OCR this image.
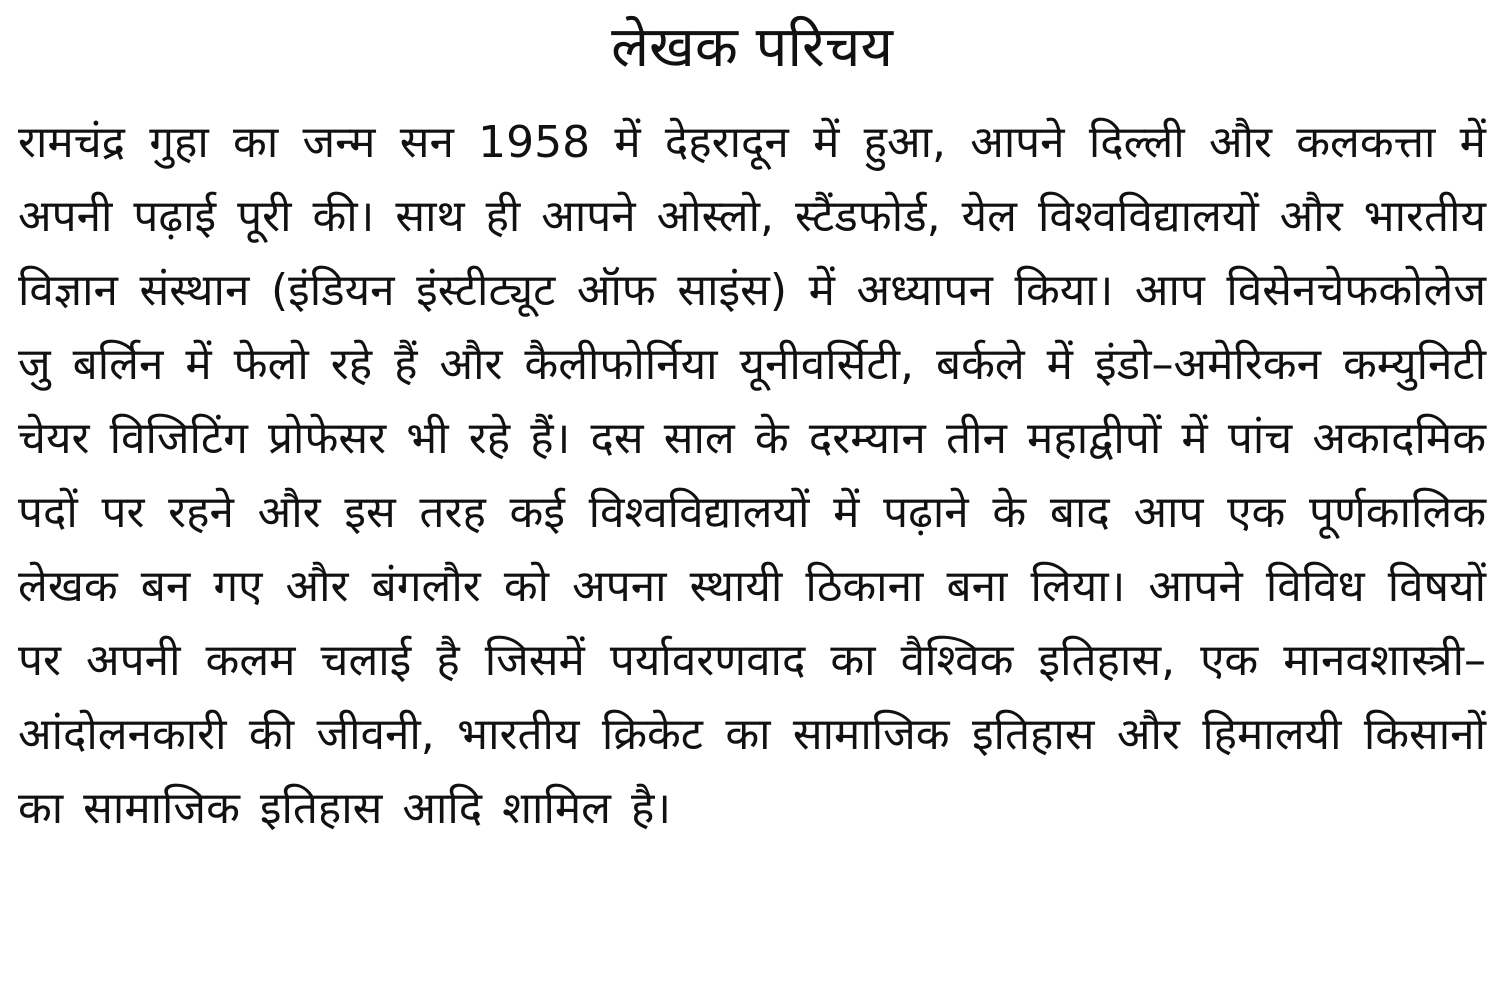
लेखक परिचय

रामचंद्र गुहा का जन्म सन 1958 में देहरादून में हुआ, आपने दिल्ली और कलकत्ता में अपनी पढ़ाई पूरी की। साथ ही आपने ओस्लो, स्टैंडफोर्ड, येल विश्वविद्यालयों और भारतीय विज्ञान संस्थान (इंडियन इंस्टीट्यूट ऑफ साइंस) में अध्यापन किया। आप विसेनचेफकोलेज जु बर्लिन में फेलो रहे हैं और कैलीफोर्निया यूनीवर्सिटी, बर्कले में इंडो–अमेरिकन कम्युनिटी चेयर विजिटिंग प्रोफेसर भी रहे हैं। दस साल के दरम्यान तीन महाद्वीपों में पांच अकादमिक पदों पर रहने और इस तरह कई विश्वविद्यालयों में पढ़ाने के बाद आप एक पूर्णकालिक लेखक बन गए और बंगलौर को अपना स्थायी ठिकाना बना लिया। आपने विविध विषयों पर अपनी कलम चलाई है जिसमें पर्यावरणवाद का वैश्विक इतिहास, एक मानवशास्त्री–आंदोलनकारी की जीवनी, भारतीय क्रिकेट का सामाजिक इतिहास और हिमालयी किसानों का सामाजिक इतिहास आदि शामिल है।
